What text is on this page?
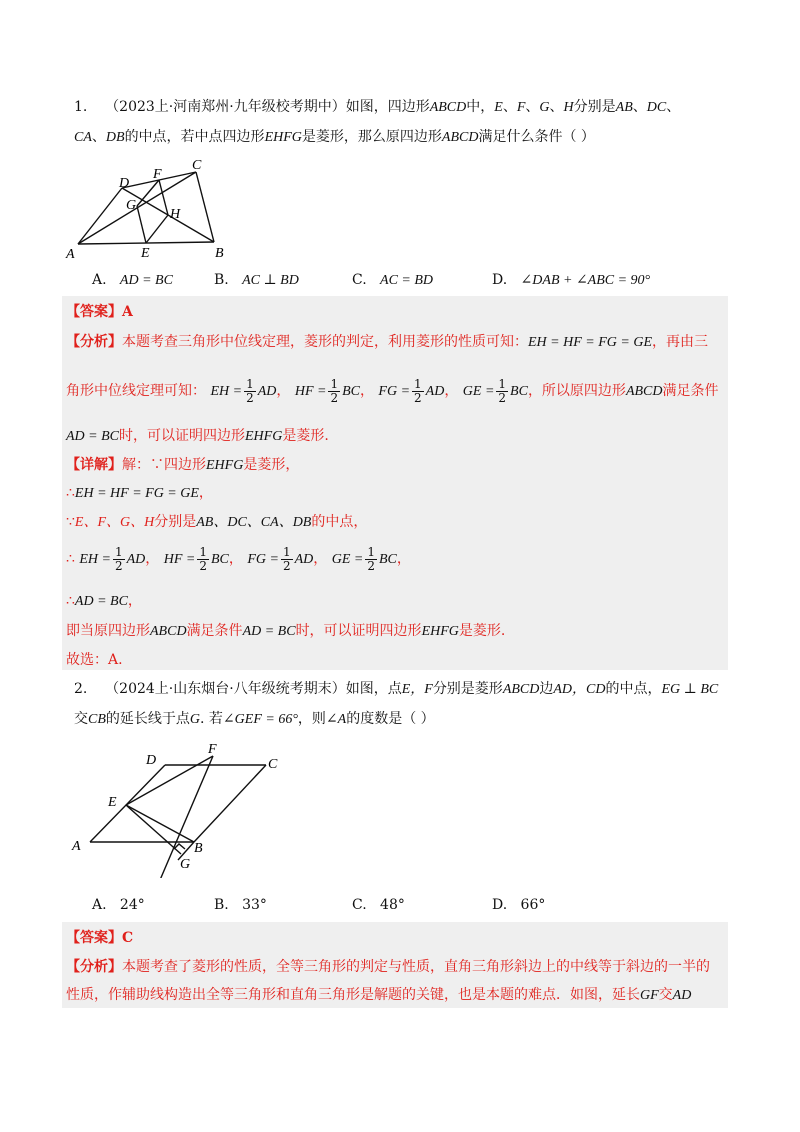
1. （2023上·河南郑州·九年级校考期中）如图，四边形ABCD中，E、F、G、H分别是AB、DC、
CA、DB的中点，若中点四边形EHFG是菱形，那么原四边形ABCD满足什么条件（ ）
A	B
C
D
E
F
G
H
A. AD = BC	B. AC ⊥ BD	C. AC = BD	D. ∠DAB + ∠ABC = 90°
【答案】A
【分析】本题考查三角形中位线定理，菱形的判定，利用菱形的性质可知：EH = HF = FG = GE，再由三
角形中位线定理可知： EH = $\frac{1}{2}$ AD， HF = $\frac{1}{2}$ BC， FG = $\frac{1}{2}$ AD， GE = $\frac{1}{2}$ BC，所以原四边形ABCD满足条件
AD = BC时，可以证明四边形EHFG是菱形.
【详解】解：∵四边形EHFG是菱形，
∴EH = HF = FG = GE，
∵E、F、G、H分别是AB、DC、CA、DB的中点，
∴ EH = $\frac{1}{2}$ AD， HF = $\frac{1}{2}$ BC， FG = $\frac{1}{2}$ AD， GE = $\frac{1}{2}$ BC，
∴AD = BC，
即当原四边形ABCD满足条件AD = BC时，可以证明四边形EHFG是菱形.
故选：A.
2. （2024上·山东烟台·八年级统考期末）如图，点E，F分别是菱形ABCD边AD，CD的中点，EG ⊥ BC
交CB的延长线于点G. 若∠GEF = 66°，则∠A的度数是（ ）
A	B
C
D
E
F
G
A. 24°	B. 33°	C. 48°	D. 66°
【答案】C
【分析】本题考查了菱形的性质，全等三角形的判定与性质，直角三角形斜边上的中线等于斜边的一半的
性质，作辅助线构造出全等三角形和直角三角形是解题的关键，也是本题的难点．如图，延长GF交AD
